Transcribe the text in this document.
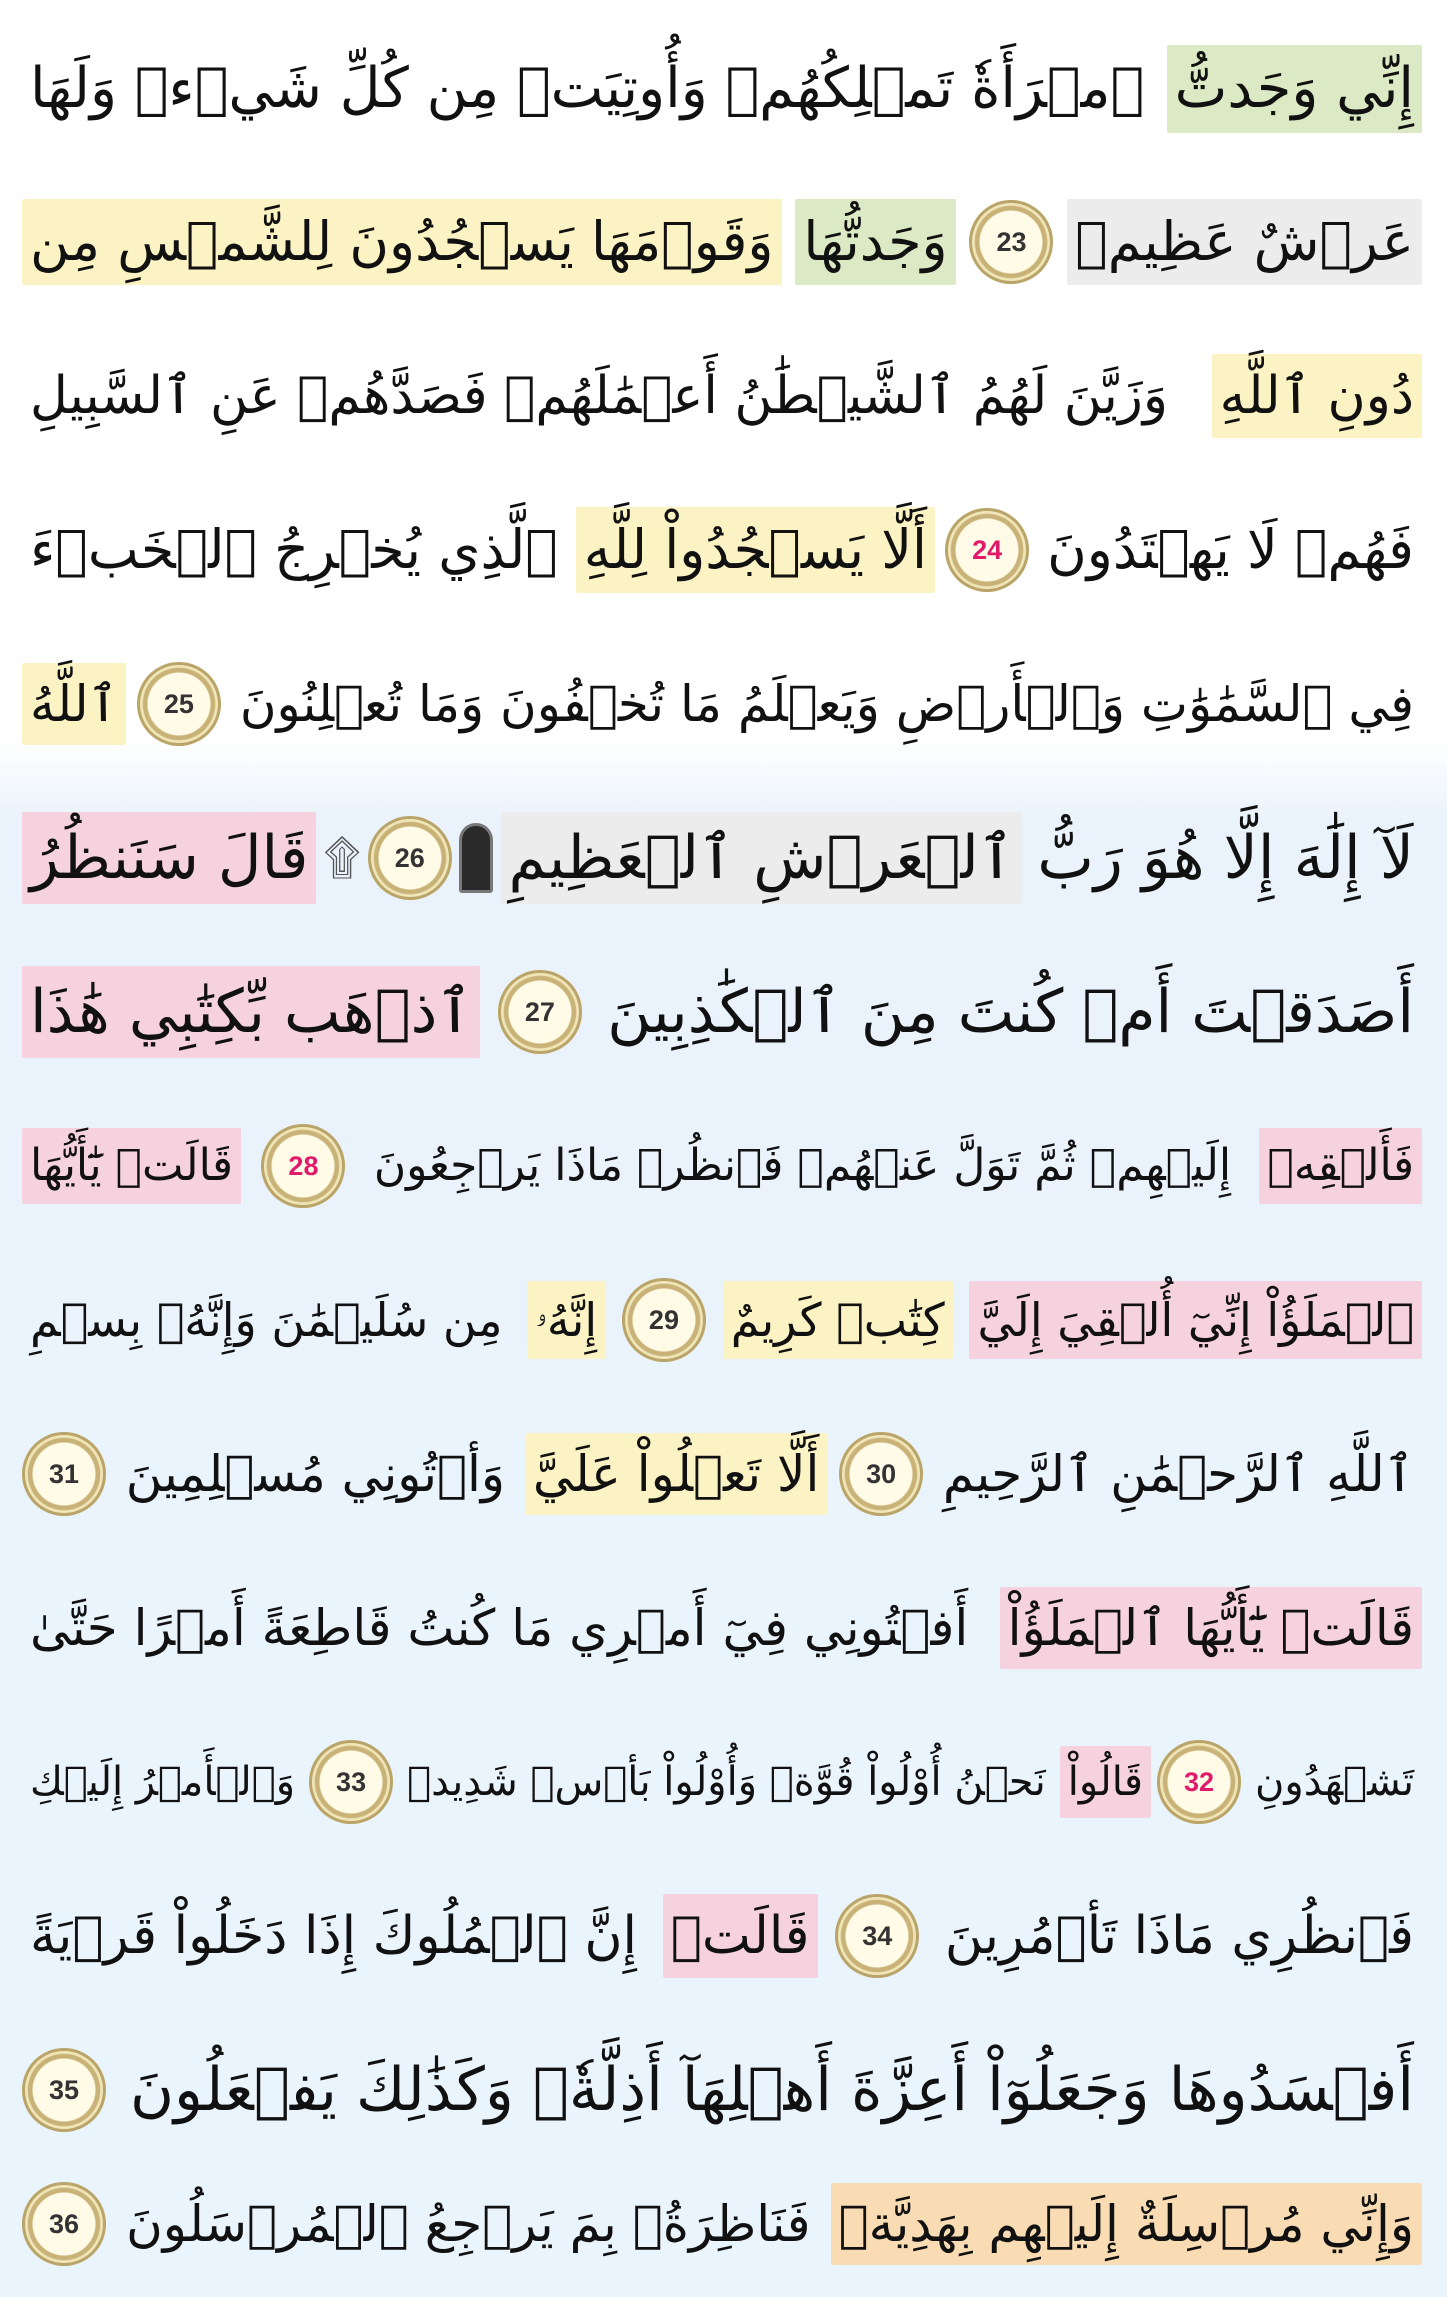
إِنِّي وَجَدتُّ
ٱمۡرَأَةٗ تَمۡلِكُهُمۡ وَأُوتِيَتۡ مِن كُلِّ شَيۡءٖ وَلَهَا
عَرۡشٌ عَظِيمٞ
23
وَجَدتُّهَا
وَقَوۡمَهَا يَسۡجُدُونَ لِلشَّمۡسِ مِن
دُونِ ٱللَّهِ
وَزَيَّنَ لَهُمُ ٱلشَّيۡطَٰنُ أَعۡمَٰلَهُمۡ فَصَدَّهُمۡ عَنِ ٱلسَّبِيلِ
فَهُمۡ لَا يَهۡتَدُونَ
24
أَلَّا يَسۡجُدُواْ لِلَّهِ
ٱلَّذِي يُخۡرِجُ ٱلۡخَبۡءَ
فِي ٱلسَّمَٰوَٰتِ وَٱلۡأَرۡضِ وَيَعۡلَمُ مَا تُخۡفُونَ وَمَا تُعۡلِنُونَ
25
ٱللَّهُ
لَآ إِلَٰهَ إِلَّا هُوَ رَبُّ
ٱلۡعَرۡشِ ٱلۡعَظِيمِ
26
۩
قَالَ سَنَنظُرُ
أَصَدَقۡتَ أَمۡ كُنتَ مِنَ ٱلۡكَٰذِبِينَ
27
ٱذۡهَب بِّكِتَٰبِي هَٰذَا
فَأَلۡقِهۡ
إِلَيۡهِمۡ ثُمَّ تَوَلَّ عَنۡهُمۡ فَٱنظُرۡ مَاذَا يَرۡجِعُونَ
28
قَالَتۡ يَٰٓأَيُّهَا
ٱلۡمَلَؤُاْ إِنِّيٓ أُلۡقِيَ إِلَيَّ
كِتَٰبٞ كَرِيمٌ
29
إِنَّهُۥ
مِن سُلَيۡمَٰنَ وَإِنَّهُۥ بِسۡمِ
ٱللَّهِ ٱلرَّحۡمَٰنِ ٱلرَّحِيمِ
30
أَلَّا تَعۡلُواْ عَلَيَّ
وَأۡتُونِي مُسۡلِمِينَ
31
قَالَتۡ يَٰٓأَيُّهَا ٱلۡمَلَؤُاْ
أَفۡتُونِي فِيٓ أَمۡرِي مَا كُنتُ قَاطِعَةً أَمۡرًا حَتَّىٰ
تَشۡهَدُونِ
32
قَالُواْ
نَحۡنُ أُوْلُواْ قُوَّةٖ وَأُوْلُواْ بَأۡسٖ شَدِيدٖ
33
وَٱلۡأَمۡرُ إِلَيۡكِ
فَٱنظُرِي مَاذَا تَأۡمُرِينَ
34
قَالَتۡ
إِنَّ ٱلۡمُلُوكَ إِذَا دَخَلُواْ قَرۡيَةً
أَفۡسَدُوهَا وَجَعَلُوٓاْ أَعِزَّةَ أَهۡلِهَآ أَذِلَّةٗۚ وَكَذَٰلِكَ يَفۡعَلُونَ
35
وَإِنِّي مُرۡسِلَةٌ إِلَيۡهِم بِهَدِيَّةٖ
فَنَاظِرَةُۢ بِمَ يَرۡجِعُ ٱلۡمُرۡسَلُونَ
36
